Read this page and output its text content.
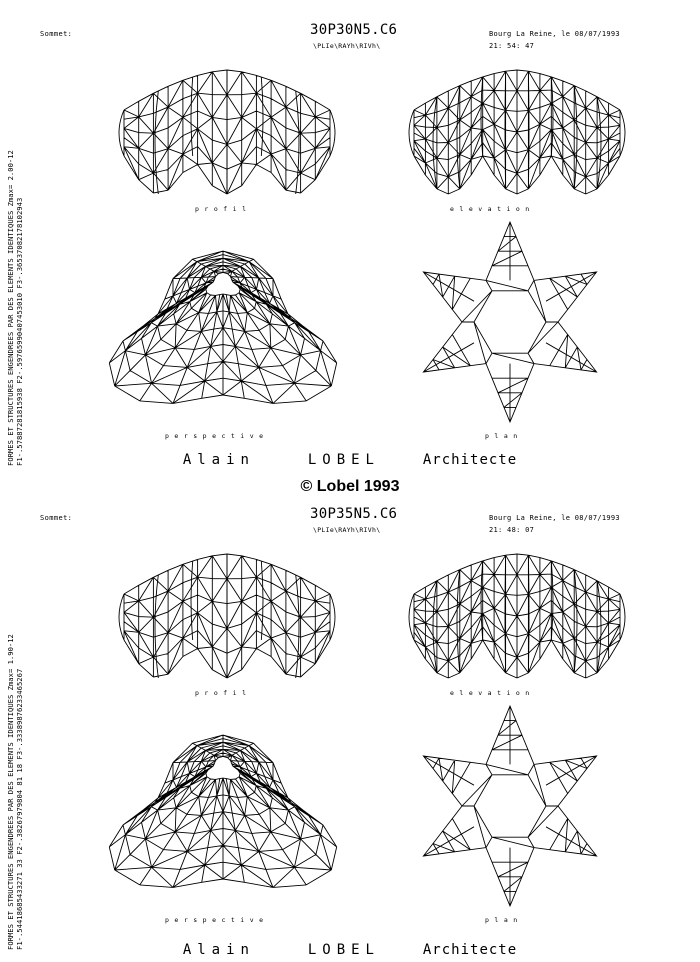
FORMES ET STRUCTURES ENGENDREES PAR DES ELEMENTS IDENTIQUES Zmax= 2.00-12 F1-.57887281815938 F2-.59765990407453010 F3-.36537082178102943
Sommet:	30P30N5.C6
\PLIe\RAYh\RIVh\
Bourg La Reine, le 08/07/1993
21: 54: 47
profil	elevation
perspective	plan
Alain	LOBEL	Architecte
© Lobel 1993
FORMES ET STRUCTURES ENGENDREES PAR DES ELEMENTS IDENTIQUES Zmax= 1.90-12 F1-.54418685433271 33 F2-.38267979804 81 18 F3-.33389876233465267
Sommet:	30P35N5.C6
\PLIe\RAYh\RIVh\
Bourg La Reine, le 08/07/1993
21: 48: 07
profil	elevation
perspective	plan
Alain	LOBEL	Architecte
